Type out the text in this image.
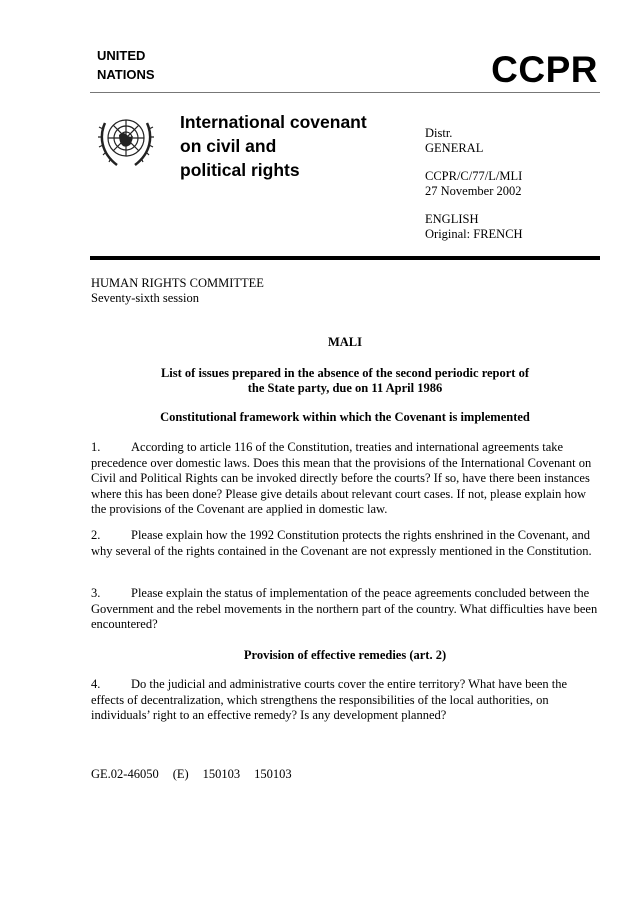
UNITED
NATIONS	CCPR
International covenant
on civil and
political rights
Distr.
GENERAL
CCPR/C/77/L/MLI
27 November 2002
ENGLISH
Original: FRENCH
HUMAN RIGHTS COMMITTEE
Seventy-sixth session
MALI
List of issues prepared in the absence of the second periodic report of
the State party, due on 11 April 1986
Constitutional framework within which the Covenant is implemented
1. According to article 116 of the Constitution, treaties and international agreements take precedence over domestic laws. Does this mean that the provisions of the International Covenant on Civil and Political Rights can be invoked directly before the courts? If so, have there been instances where this has been done? Please give details about relevant court cases. If not, please explain how the provisions of the Covenant are applied in domestic law.
2. Please explain how the 1992 Constitution protects the rights enshrined in the Covenant, and why several of the rights contained in the Covenant are not expressly mentioned in the Constitution.
3. Please explain the status of implementation of the peace agreements concluded between the Government and the rebel movements in the northern part of the country. What difficulties have been encountered?
Provision of effective remedies (art. 2)
4. Do the judicial and administrative courts cover the entire territory? What have been the effects of decentralization, which strengthens the responsibilities of the local authorities, on individuals’ right to an effective remedy? Is any development planned?
GE.02-46050 (E) 150103 150103
